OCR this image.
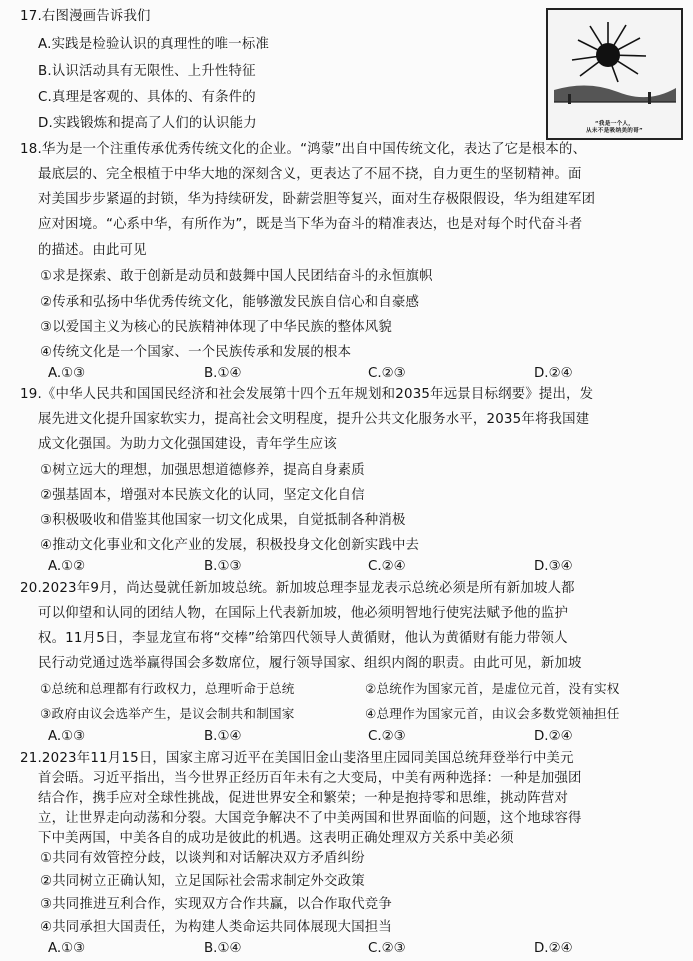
17.右图漫画告诉我们
A.实践是检验认识的真理性的唯一标准
B.认识活动具有无限性、上升性特征
C.真理是客观的、具体的、有条件的
D.实践锻炼和提高了人们的认识能力	“我是一个人，
从未不是吸纳美的哥”
18.华为是一个注重传承优秀传统文化的企业。“鸿蒙”出自中国传统文化，表达了它是根本的、
最底层的、完全根植于中华大地的深刻含义，更表达了不屈不挠，自力更生的坚韧精神。面
对美国步步紧逼的封锁，华为持续研发，卧薪尝胆等复兴，面对生存极限假设，华为组建军团
应对困境。“心系中华，有所作为”，既是当下华为奋斗的精准表达，也是对每个时代奋斗者
的描述。由此可见
①求是探索、敢于创新是动员和鼓舞中国人民团结奋斗的永恒旗帜
②传承和弘扬中华优秀传统文化，能够激发民族自信心和自豪感
③以爱国主义为核心的民族精神体现了中华民族的整体风貌
④传统文化是一个国家、一个民族传承和发展的根本
A.①③	B.①④	C.②③	D.②④
19.《中华人民共和国国民经济和社会发展第十四个五年规划和2035年远景目标纲要》提出，发
展先进文化提升国家软实力，提高社会文明程度，提升公共文化服务水平，2035年将我国建
成文化强国。为助力文化强国建设，青年学生应该
①树立远大的理想，加强思想道德修养，提高自身素质
②强基固本，增强对本民族文化的认同，坚定文化自信
③积极吸收和借鉴其他国家一切文化成果，自觉抵制各种消极
④推动文化事业和文化产业的发展，积极投身文化创新实践中去
A.①②	B.①③	C.②④	D.③④
20.2023年9月，尚达曼就任新加坡总统。新加坡总理李显龙表示总统必须是所有新加坡人都
可以仰望和认同的团结人物，在国际上代表新加坡，他必须明智地行使宪法赋予他的监护
权。11月5日，李显龙宣布将“交棒”给第四代领导人黄循财，他认为黄循财有能力带领人
民行动党通过选举赢得国会多数席位，履行领导国家、组织内阁的职责。由此可见，新加坡
①总统和总理都有行政权力，总理听命于总统	②总统作为国家元首，是虚位元首，没有实权
③政府由议会选举产生，是议会制共和制国家	④总理作为国家元首，由议会多数党领袖担任
A.①③	B.①④	C.②③	D.②④
21.2023年11月15日，国家主席习近平在美国旧金山斐洛里庄园同美国总统拜登举行中美元
首会晤。习近平指出，当今世界正经历百年未有之大变局，中美有两种选择：一种是加强团
结合作，携手应对全球性挑战，促进世界安全和繁荣；一种是抱持零和思维，挑动阵营对
立，让世界走向动荡和分裂。大国竞争解决不了中美两国和世界面临的问题，这个地球容得
下中美两国，中美各自的成功是彼此的机遇。这表明正确处理双方关系中美必须
①共同有效管控分歧，以谈判和对话解决双方矛盾纠纷
②共同树立正确认知，立足国际社会需求制定外交政策
③共同推进互利合作，实现双方合作共赢，以合作取代竞争
④共同承担大国责任，为构建人类命运共同体展现大国担当
A.①③	B.①④	C.②③	D.②④
